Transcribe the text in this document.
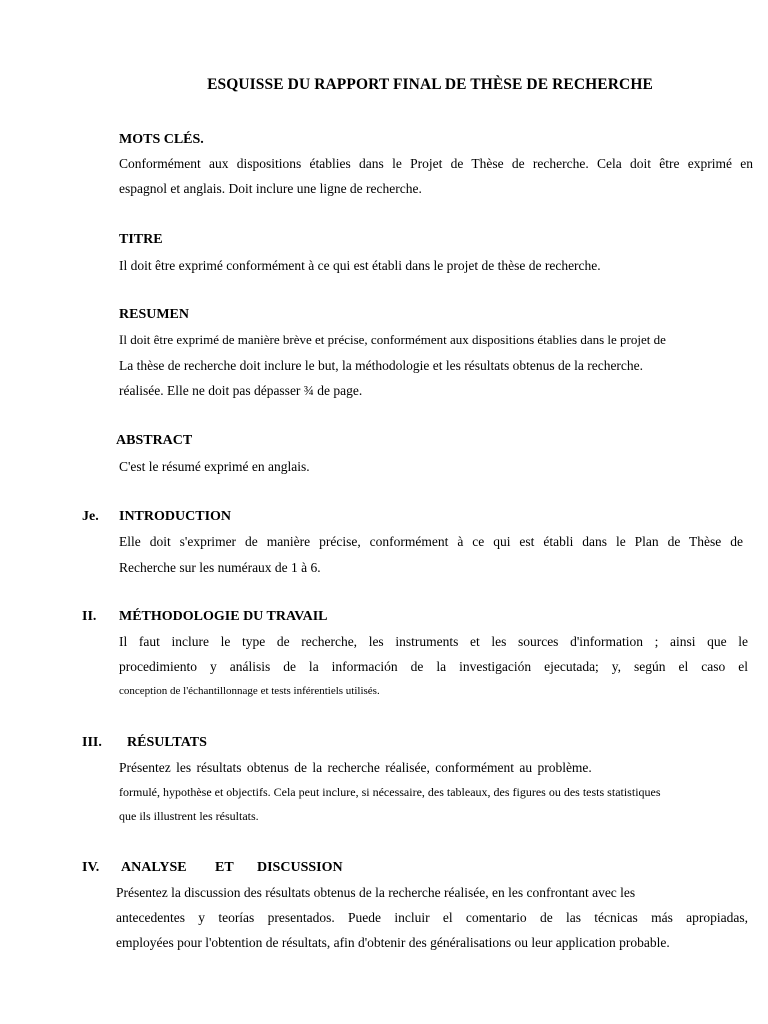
ESQUISSE DU RAPPORT FINAL DE THÈSE DE RECHERCHE
MOTS CLÉS.
Conformément aux dispositions établies dans le Projet de Thèse de recherche. Cela doit être exprimé en
espagnol et anglais. Doit inclure une ligne de recherche.
TITRE
Il doit être exprimé conformément à ce qui est établi dans le projet de thèse de recherche.
RESUMEN
Il doit être exprimé de manière brève et précise, conformément aux dispositions établies dans le projet de
La thèse de recherche doit inclure le but, la méthodologie et les résultats obtenus de la recherche.
réalisée. Elle ne doit pas dépasser ¾ de page.
ABSTRACT
C'est le résumé exprimé en anglais.
Je. INTRODUCTION
Elle doit s'exprimer de manière précise, conformément à ce qui est établi dans le Plan de Thèse de
Recherche sur les numéraux de 1 à 6.
II. MÉTHODOLOGIE DU TRAVAIL
Il faut inclure le type de recherche, les instruments et les sources d'information ; ainsi que le
procedimiento y análisis de la información de la investigación ejecutada; y, según el caso el
conception de l'échantillonnage et tests inférentiels utilisés.
III. RÉSULTATS
Présentez les résultats obtenus de la recherche réalisée, conformément au problème.
formulé, hypothèse et objectifs. Cela peut inclure, si nécessaire, des tableaux, des figures ou des tests statistiques
que ils illustrent les résultats.
IV. ANALYSE ET DISCUSSION
Présentez la discussion des résultats obtenus de la recherche réalisée, en les confrontant avec les
antecedentes y teorías presentados. Puede incluir el comentario de las técnicas más apropiadas,
employées pour l'obtention de résultats, afin d'obtenir des généralisations ou leur application probable.
